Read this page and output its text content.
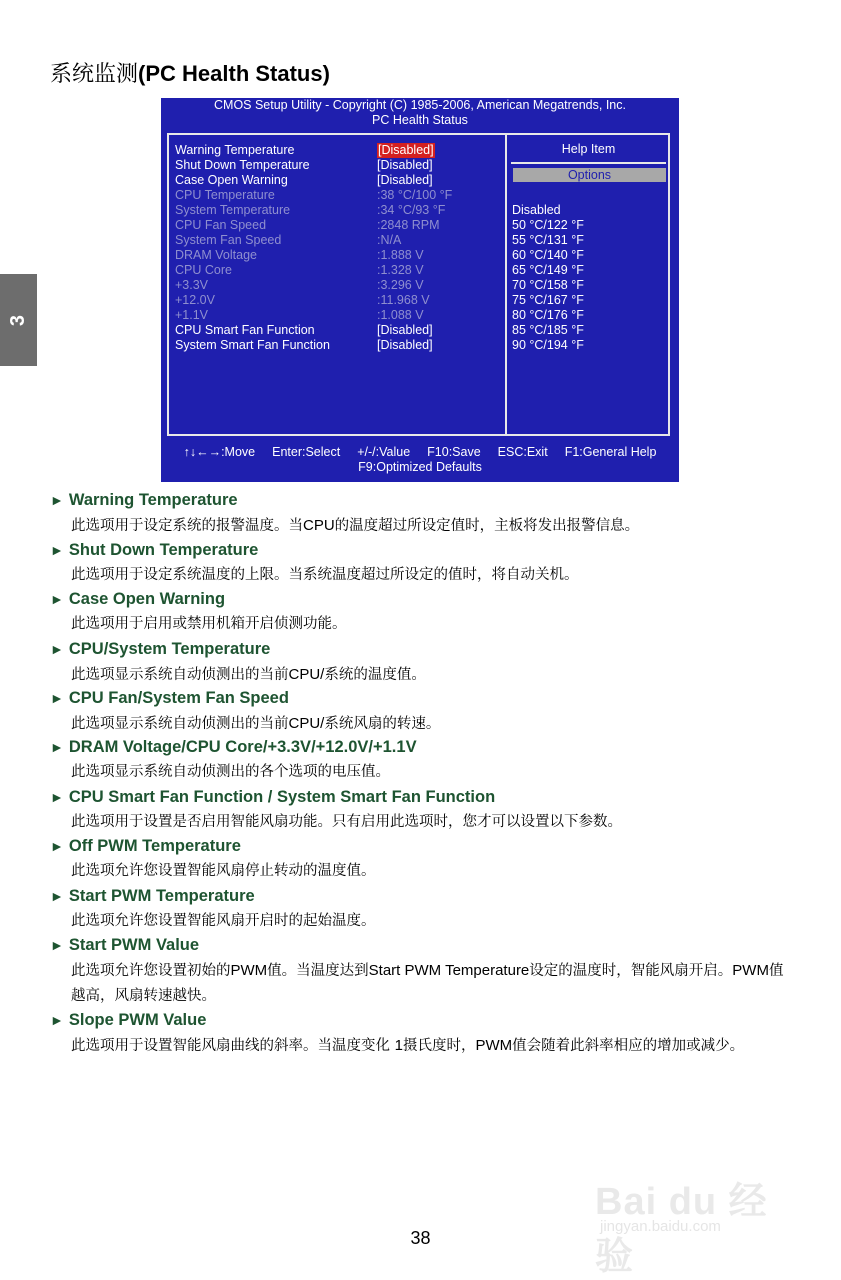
系统监测(PC Health Status)
3
CMOS Setup Utility - Copyright (C) 1985-2006, American Megatrends, Inc.
PC Health Status
Warning Temperature	[Disabled]
Shut Down Temperature	[Disabled]
Case Open Warning	[Disabled]
CPU Temperature	:38 °C/100 °F
System Temperature	:34 °C/93 °F
CPU Fan Speed	:2848 RPM
System Fan Speed	:N/A
DRAM Voltage	:1.888 V
CPU Core	:1.328 V
+3.3V	:3.296 V
+12.0V	:11.968 V
+1.1V	:1.088 V
CPU Smart Fan Function	[Disabled]
System Smart Fan Function	[Disabled]
Help Item
Options
Disabled
50 °C/122 °F
55 °C/131 °F
60 °C/140 °F
65 °C/149 °F
70 °C/158 °F
75 °C/167 °F
80 °C/176 °F
85 °C/185 °F
90 °C/194 °F
↑↓←→:Move Enter:Select +/-/:Value F10:Save ESC:Exit F1:General Help
F9:Optimized Defaults
► Warning Temperature
此选项用于设定系统的报警温度。当CPU的温度超过所设定值时，主板将发出报警信息。
► Shut Down Temperature
此选项用于设定系统温度的上限。当系统温度超过所设定的值时，将自动关机。
► Case Open Warning
此选项用于启用或禁用机箱开启侦测功能。
► CPU/System Temperature
此选项显示系统自动侦测出的当前CPU/系统的温度值。
► CPU Fan/System Fan Speed
此选项显示系统自动侦测出的当前CPU/系统风扇的转速。
► DRAM Voltage/CPU Core/+3.3V/+12.0V/+1.1V
此选项显示系统自动侦测出的各个选项的电压值。
► CPU Smart Fan Function / System Smart Fan Function
此选项用于设置是否启用智能风扇功能。只有启用此选项时，您才可以设置以下参数。
► Off PWM Temperature
此选项允许您设置智能风扇停止转动的温度值。
► Start PWM Temperature
此选项允许您设置智能风扇开启时的起始温度。
► Start PWM Value
此选项允许您设置初始的PWM值。当温度达到Start PWM Temperature设定的温度时，智能风扇开启。PWM值越高，风扇转速越快。
► Slope PWM Value
此选项用于设置智能风扇曲线的斜率。当温度变化 1摄氏度时，PWM值会随着此斜率相应的增加或减少。
Bai du 经验
jingyan.baidu.com
38
